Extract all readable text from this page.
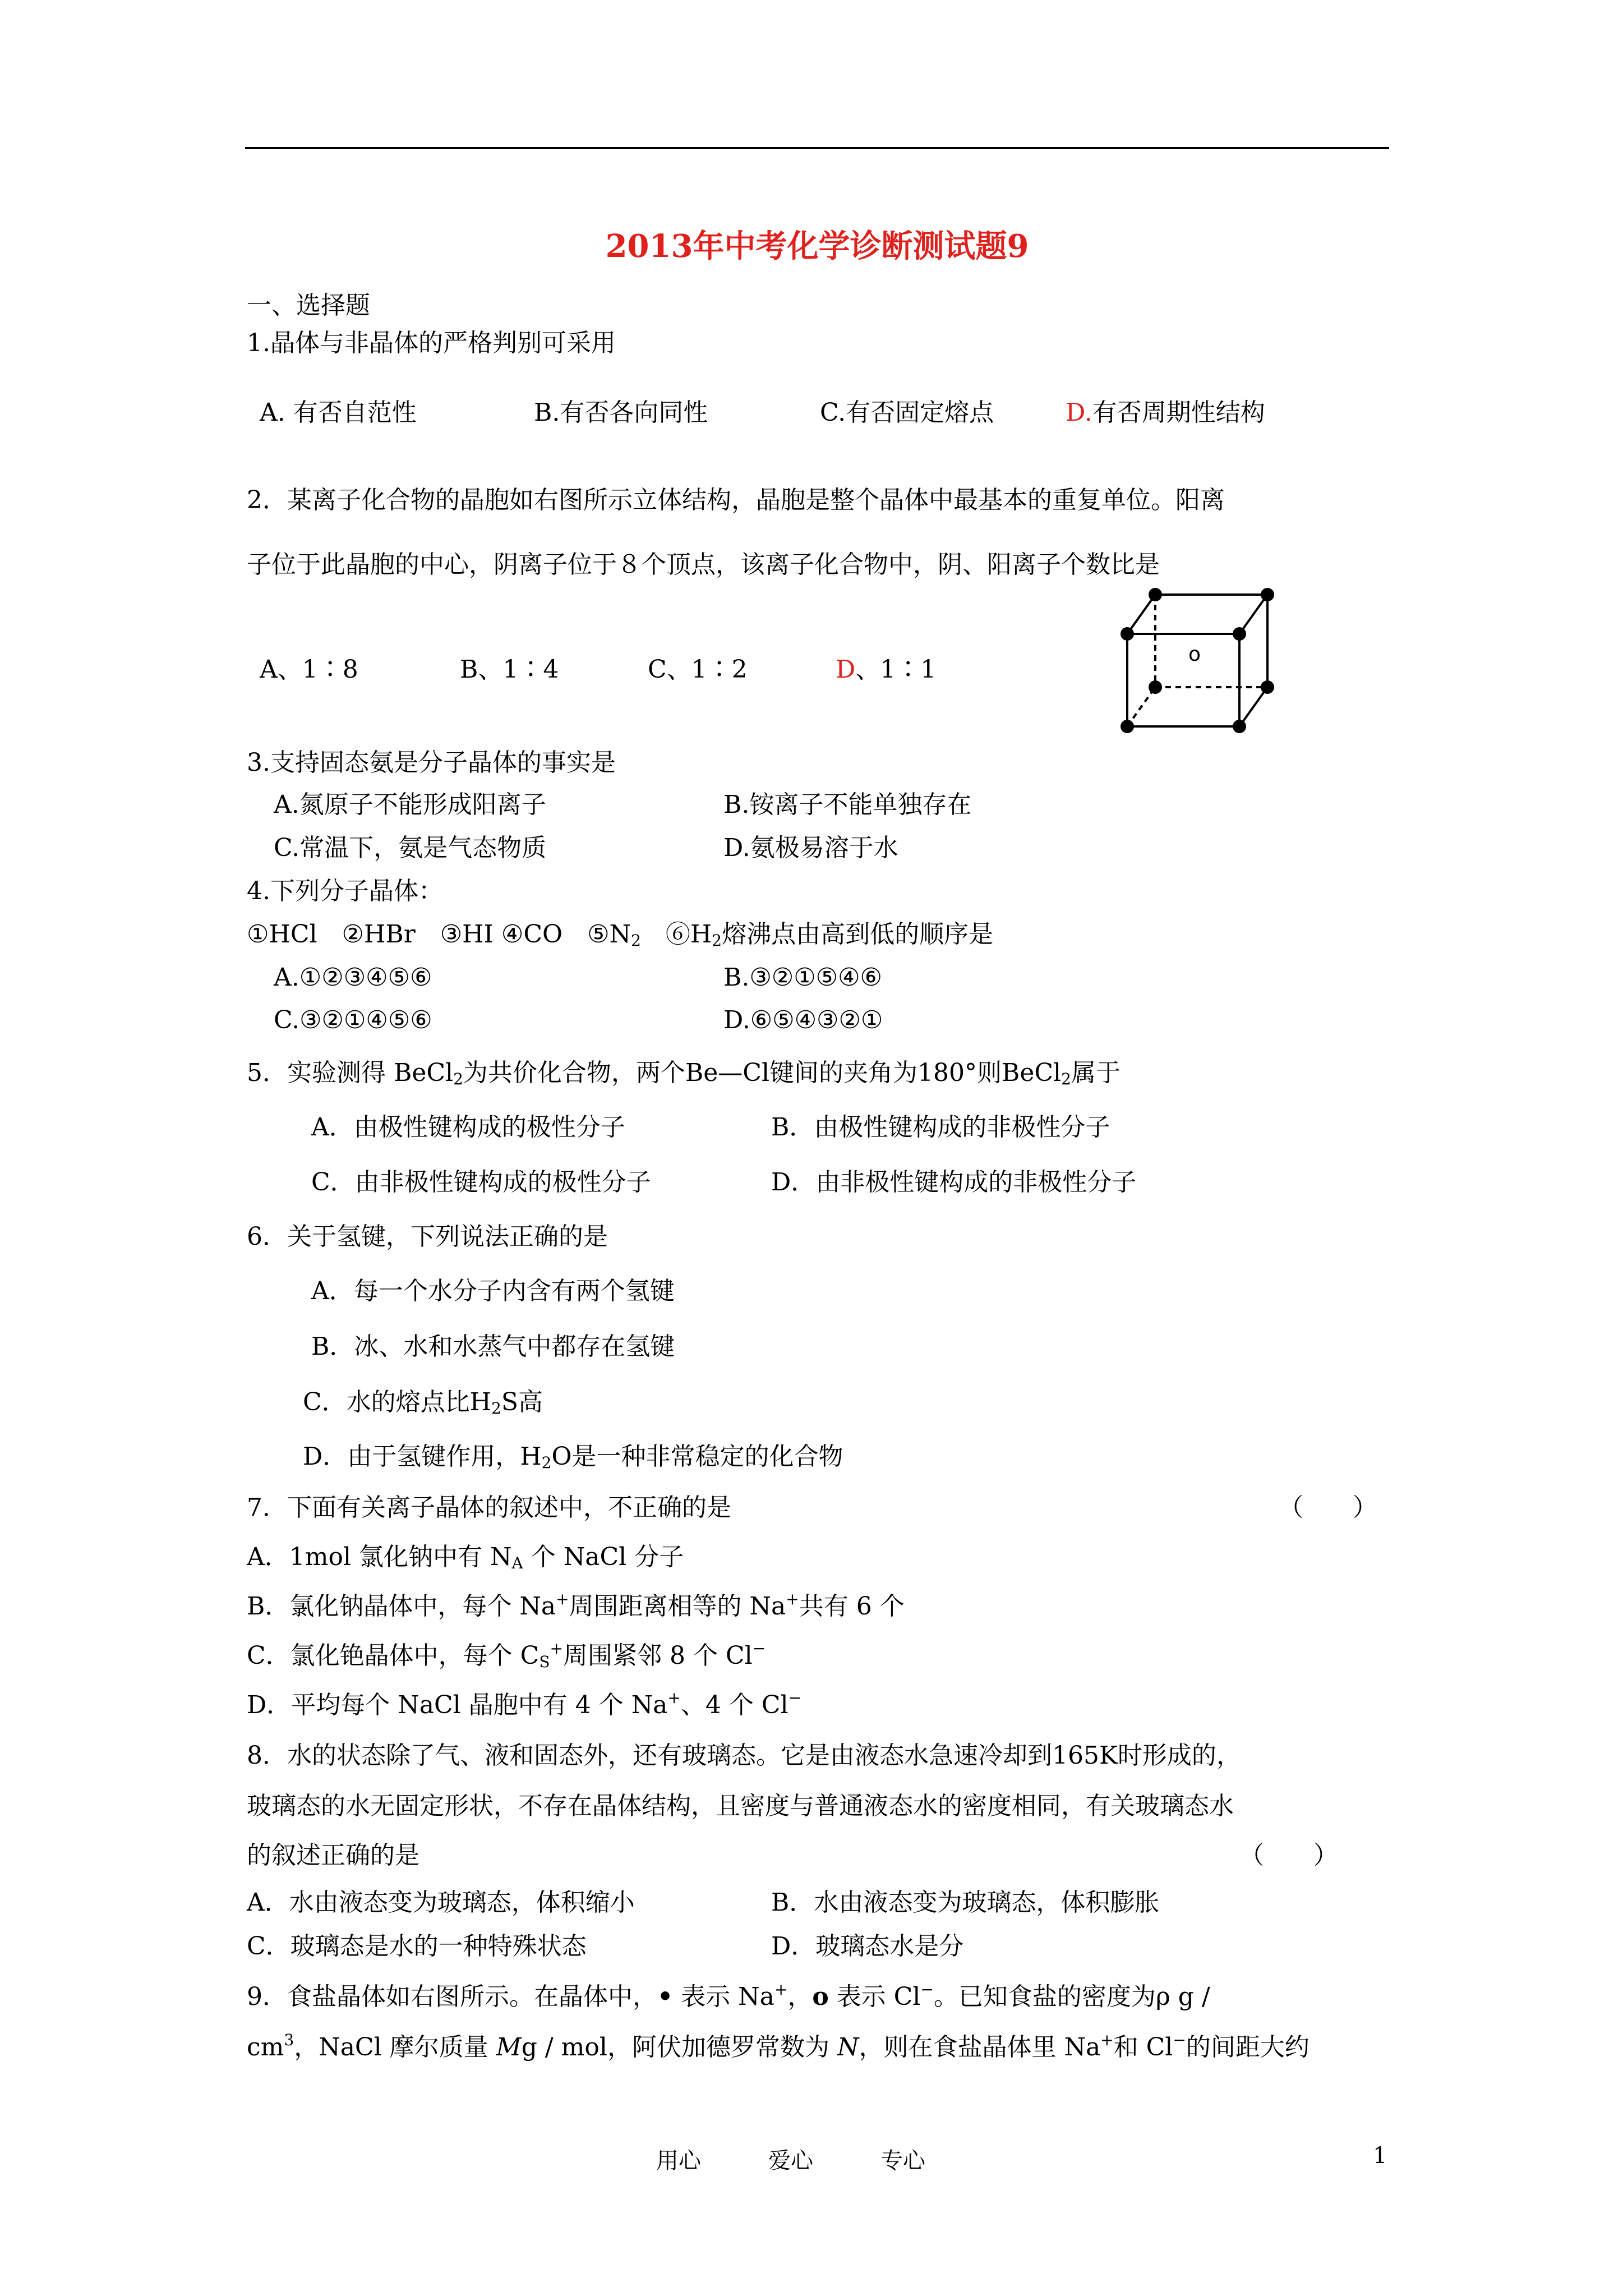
2013年中考化学诊断测试题9
一、选择题
1.晶体与非晶体的严格判别可采用
A. 有否自范性	B.有否各向同性	C.有否固定熔点	D.有否周期性结构
2．某离子化合物的晶胞如右图所示立体结构，晶胞是整个晶体中最基本的重复单位。阳离
子位于此晶胞的中心，阴离子位于８个顶点，该离子化合物中，阴、阳离子个数比是
A、1∶8	B、1∶4	C、1∶2	D、1∶1
o
3.支持固态氨是分子晶体的事实是
A.氮原子不能形成阳离子	B.铵离子不能单独存在
C.常温下，氨是气态物质	D.氨极易溶于水
4.下列分子晶体：
①HCl　②HBr　③HI ④CO　$⑤N_2$　$⑥H_2$熔沸点由高到低的顺序是
A.①②③④⑤⑥	B.③②①⑤④⑥
C.③②①④⑤⑥	D.⑥⑤④③②①
5．实验测得 BeCl$_2$为共价化合物，两个Be—Cl键间的夹角为180°则BeCl$_2$属于
A．由极性键构成的极性分子	B．由极性键构成的非极性分子
C．由非极性键构成的极性分子	D．由非极性键构成的非极性分子
6．关于氢键，下列说法正确的是
A．每一个水分子内含有两个氢键
B．冰、水和水蒸气中都存在氢键
C．水的熔点比$H_2S$高
D．由于氢键作用，$H_2O$是一种非常稳定的化合物
7．下面有关离子晶体的叙述中，不正确的是	（　　）
A．1mol 氯化钠中有 $N_A$ 个 NaCl 分子
B．氯化钠晶体中，每个 Na+周围距离相等的 Na+共有 6 个
C．氯化铯晶体中，每个 $C_S^+$周围紧邻 8 个 Cl−
D．平均每个 NaCl 晶胞中有 4 个 Na+、4 个 Cl−
8．水的状态除了气、液和固态外，还有玻璃态。它是由液态水急速冷却到165K时形成的，
玻璃态的水无固定形状，不存在晶体结构，且密度与普通液态水的密度相同，有关玻璃态水
的叙述正确的是	（　　）
A．水由液态变为玻璃态，体积缩小	B．水由液态变为玻璃态，体积膨胀
C．玻璃态是水的一种特殊状态	D．玻璃态水是分
9．食盐晶体如右图所示。在晶体中，• 表示 Na+，o 表示 Cl−。已知食盐的密度为ρ g /
$cm^3$，NaCl 摩尔质量 Mg / mol，阿伏加德罗常数为 N，则在食盐晶体里 Na+和 Cl−的间距大约
用心	爱心	专心	1
